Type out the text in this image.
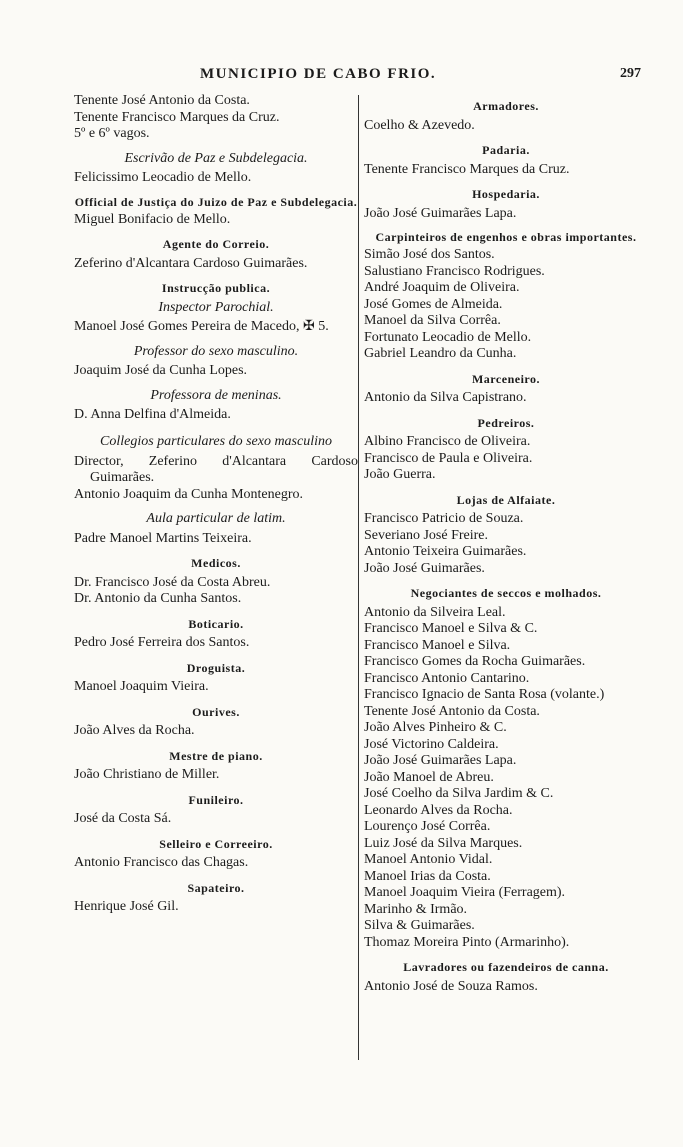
MUNICIPIO DE CABO FRIO.	297
Tenente José Antonio da Costa.
Tenente Francisco Marques da Cruz.
5º e 6º vagos.
Escrivão de Paz e Subdelegacia.
Felicissimo Leocadio de Mello.
Official de Justiça do Juizo de Paz e Subdelegacia.
Miguel Bonifacio de Mello.
Agente do Correio.
Zeferino d'Alcantara Cardoso Guimarães.
Instrucção publica.
Inspector Parochial.
Manoel José Gomes Pereira de Macedo, ✠ 5.
Professor do sexo masculino.
Joaquim José da Cunha Lopes.
Professora de meninas.
D. Anna Delfina d'Almeida.
Collegios particulares do sexo masculino
Director, Zeferino d'Alcantara Cardoso Guimarães.
Antonio Joaquim da Cunha Montenegro.
Aula particular de latim.
Padre Manoel Martins Teixeira.
Medicos.
Dr. Francisco José da Costa Abreu.
Dr. Antonio da Cunha Santos.
Boticario.
Pedro José Ferreira dos Santos.
Droguista.
Manoel Joaquim Vieira.
Ourives.
João Alves da Rocha.
Mestre de piano.
João Christiano de Miller.
Funileiro.
José da Costa Sá.
Selleiro e Correeiro.
Antonio Francisco das Chagas.
Sapateiro.
Henrique José Gil.
Armadores.
Coelho & Azevedo.
Padaria.
Tenente Francisco Marques da Cruz.
Hospedaria.
João José Guimarães Lapa.
Carpinteiros de engenhos e obras importantes.
Simão José dos Santos.
Salustiano Francisco Rodrigues.
André Joaquim de Oliveira.
José Gomes de Almeida.
Manoel da Silva Corrêa.
Fortunato Leocadio de Mello.
Gabriel Leandro da Cunha.
Marceneiro.
Antonio da Silva Capistrano.
Pedreiros.
Albino Francisco de Oliveira.
Francisco de Paula e Oliveira.
João Guerra.
Lojas de Alfaiate.
Francisco Patricio de Souza.
Severiano José Freire.
Antonio Teixeira Guimarães.
João José Guimarães.
Negociantes de seccos e molhados.
Antonio da Silveira Leal.
Francisco Manoel e Silva & C.
Francisco Manoel e Silva.
Francisco Gomes da Rocha Guimarães.
Francisco Antonio Cantarino.
Francisco Ignacio de Santa Rosa (volante.)
Tenente José Antonio da Costa.
João Alves Pinheiro & C.
José Victorino Caldeira.
João José Guimarães Lapa.
João Manoel de Abreu.
José Coelho da Silva Jardim & C.
Leonardo Alves da Rocha.
Lourenço José Corrêa.
Luiz José da Silva Marques.
Manoel Antonio Vidal.
Manoel Irias da Costa.
Manoel Joaquim Vieira (Ferragem).
Marinho & Irmão.
Silva & Guimarães.
Thomaz Moreira Pinto (Armarinho).
Lavradores ou fazendeiros de canna.
Antonio José de Souza Ramos.
